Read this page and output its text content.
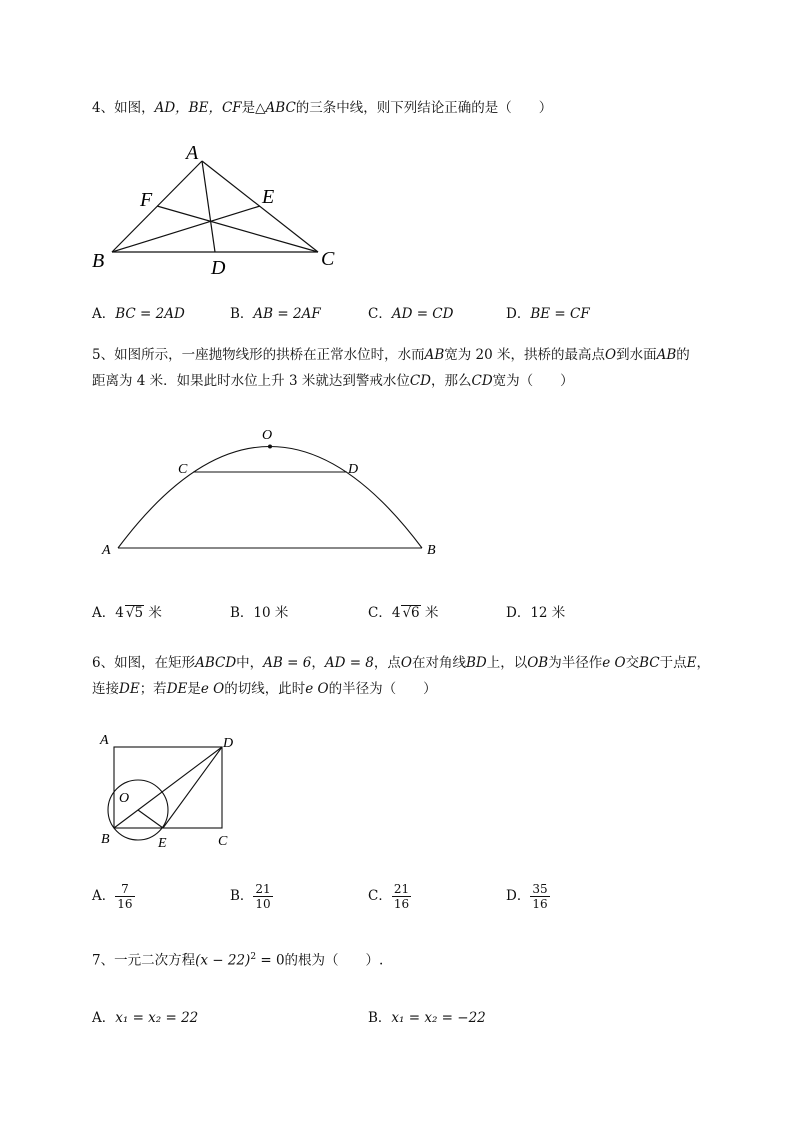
4、如图，AD，BE，CF是△ABC的三条中线，则下列结论正确的是（　　）
A
B	C
D
E
F
A．BC = 2AD	B．AB = 2AF	C．AD = CD	D．BE = CF
5、如图所示，一座抛物线形的拱桥在正常水位时，水而AB宽为 20 米，拱桥的最高点O到水面AB的
距离为 4 米．如果此时水位上升 3 米就达到警戒水位CD，那么CD宽为（　　）
O
C	D
A	B
A．4 √5 米	B．10 米	C．4 √6 米	D．12 米
6、如图，在矩形ABCD中，AB = 6，AD = 8，点O在对角线BD上，以OB为半径作e O交BC于点E，
连接DE；若DE是e O的切线，此时e O的半径为（　　）
A	D
O
B	E	C
A． $\frac{7}{16}$	B． $\frac{21}{10}$	C． $\frac{21}{16}$	D． $\frac{35}{16}$
7、一元二次方程$(x - 22)^2 = 0$的根为（　　）.
A．x₁ = x₂ = 22	B．x₁ = x₂ = −22
